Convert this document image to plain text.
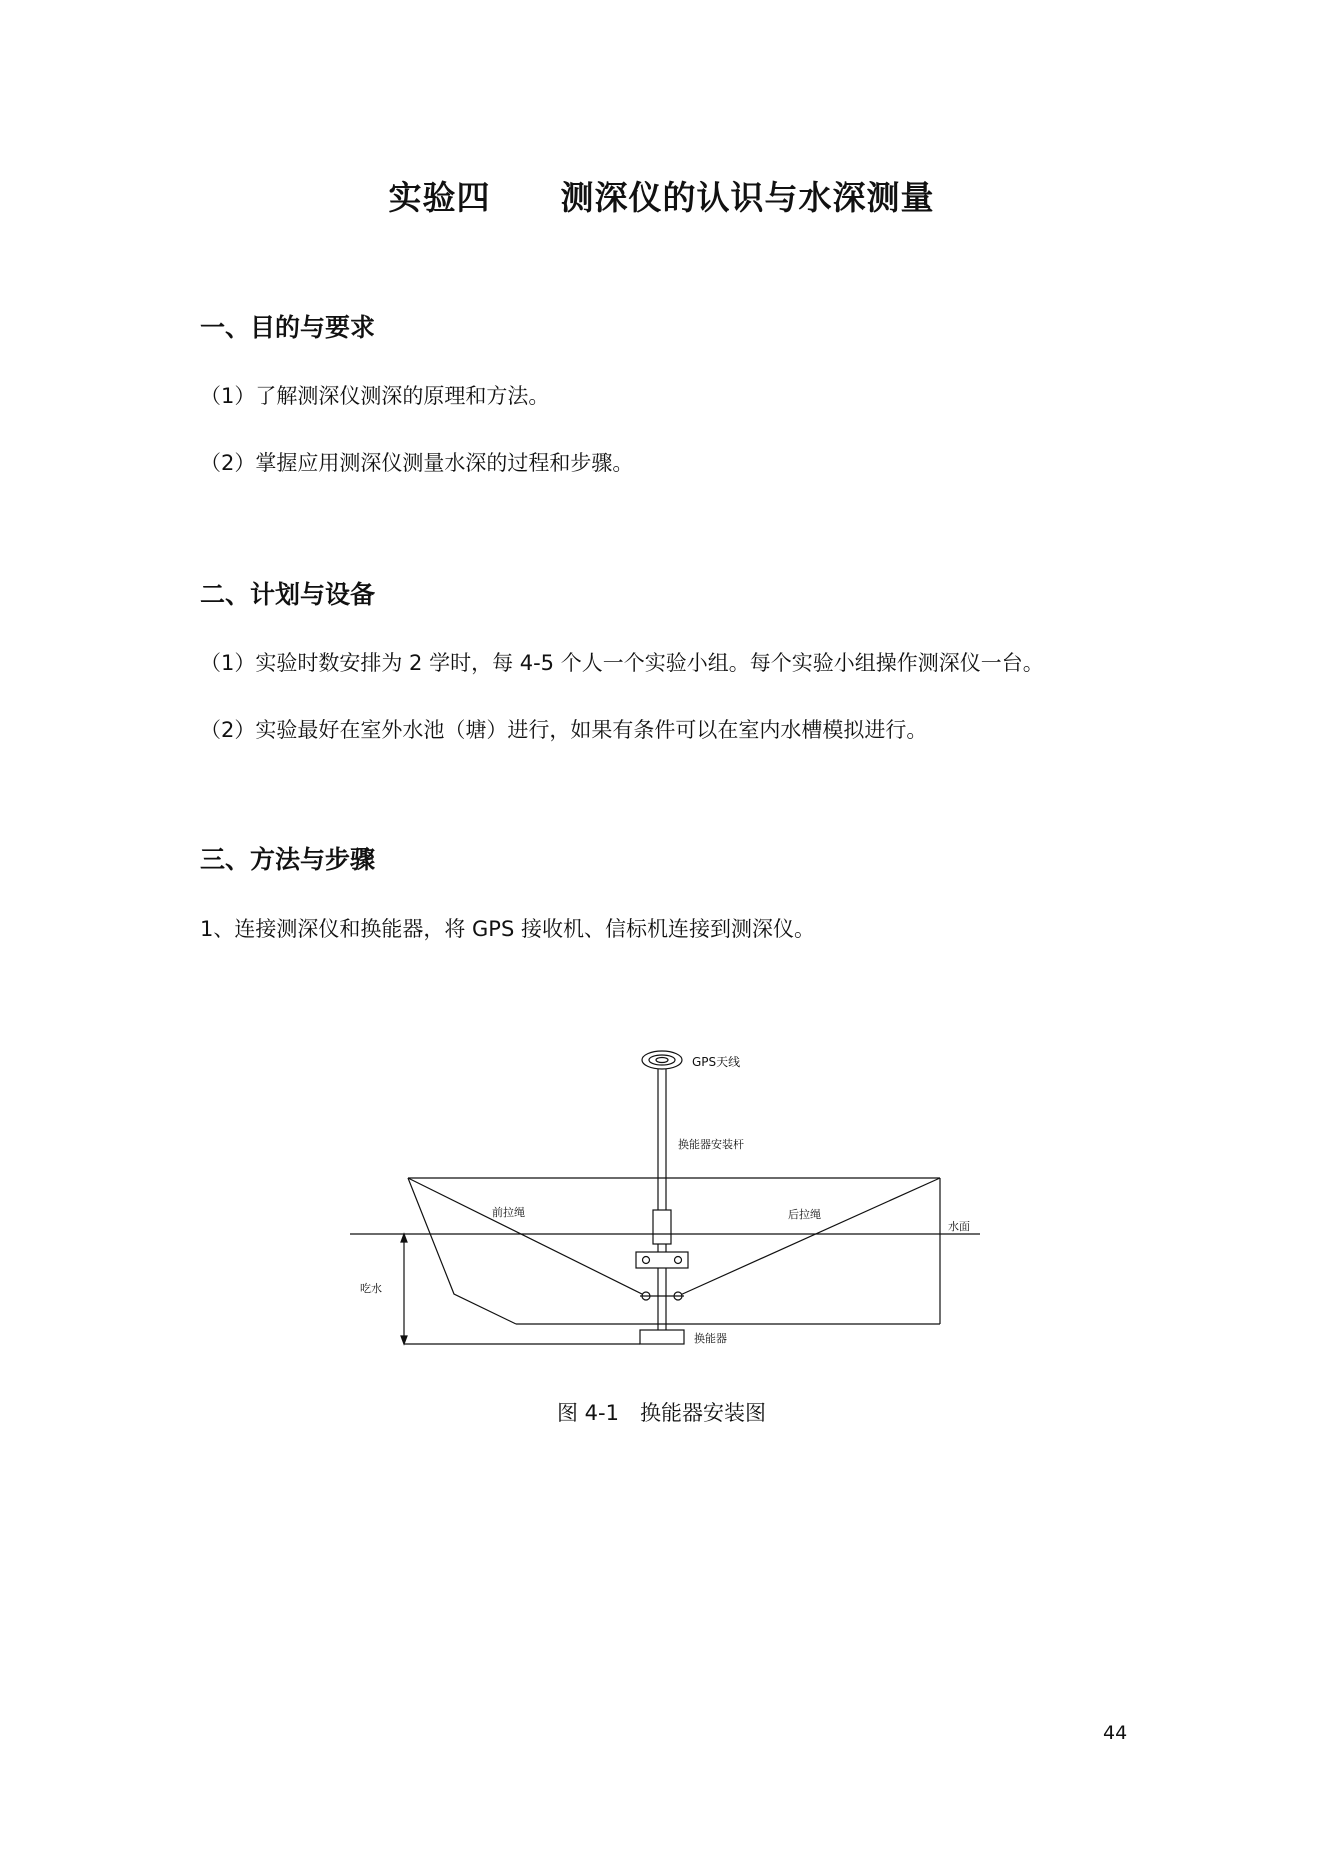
实验四 测深仪的认识与水深测量
一、目的与要求

（1）了解测深仪测深的原理和方法。

（2）掌握应用测深仪测量水深的过程和步骤。

二、计划与设备

（1）实验时数安排为 2 学时，每 4-5 个人一个实验小组。每个实验小组操作测深仪一台。

（2）实验最好在室外水池（塘）进行，如果有条件可以在室内水槽模拟进行。

三、方法与步骤

1、连接测深仪和换能器，将 GPS 接收机、信标机连接到测深仪。

GPS天线
换能器安装杆
前拉绳	后拉绳
水面
吃水
换能器

图 4-1　换能器安装图

44
